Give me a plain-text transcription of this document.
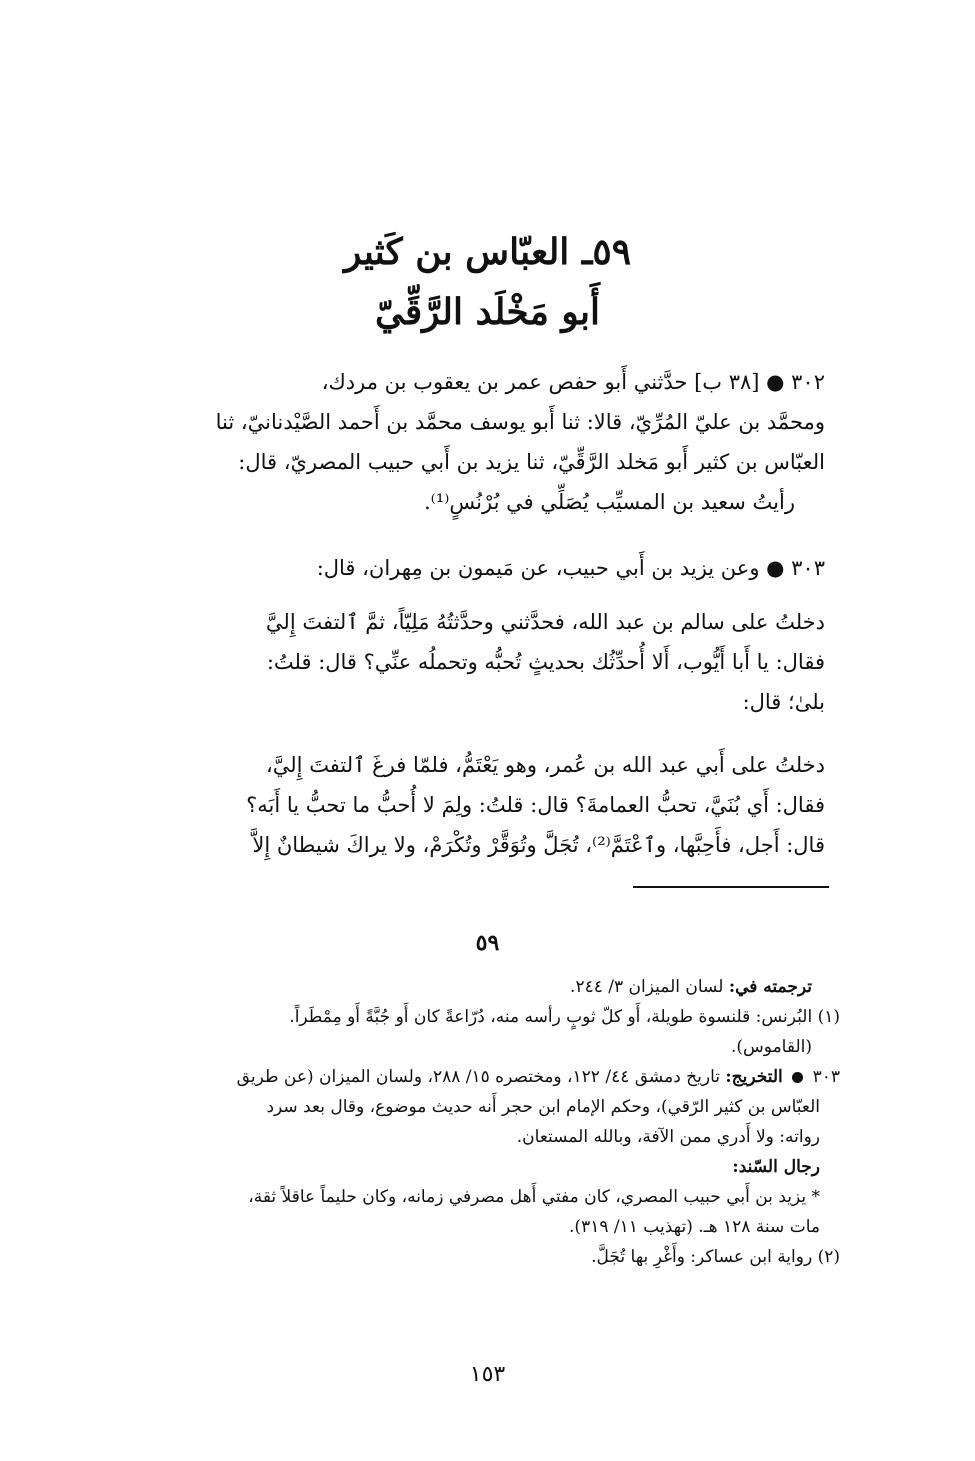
٥٩ـ العبّاس بن كَثير
أَبو مَخْلَد الرَّقِّيّ

٣٠٢ ● [٣٨ ب] حدَّثني أَبو حفص عمر بن يعقوب بن مردك،

ومحمَّد بن عليّ المُرِّيّ، قالا: ثنا أَبو يوسف محمَّد بن أَحمد الصَّيْدنانيّ، ثنا

العبّاس بن كثير أَبو مَخلد الرَّقِّيّ، ثنا يزيد بن أَبي حبيب المصريّ، قال:

رأيتُ سعيد بن المسيِّب يُصَلِّي في بُرْنُسٍ⁽¹⁾.

٣٠٣ ● وعن يزيد بن أَبي حبيب، عن مَيمون بن مِهران، قال:

دخلتُ على سالم بن عبد الله، فحدَّثني وحدَّثتُهُ مَلِيّاً، ثمَّ ٱلتفتَ إِليَّ

فقال: يا أَبا أَيُّوب، أَلا أُحدِّثُك بحديثٍ تُحبُّه وتحملُه عنِّي؟ قال: قلتُ:

بلىٰ؛ قال:

دخلتُ على أَبي عبد الله بن عُمر، وهو يَعْتَمُّ، فلمّا فرغَ ٱلتفتَ إِليَّ،

فقال: أَي بُنَيَّ، تحبُّ العمامةَ؟ قال: قلتُ: ولِمَ لا أُحبُّ ما تحبُّ يا أَبَه؟

قال: أَجل، فأَحِبَّها، وٱعْتَمَّ⁽²⁾، تُجَلَّ وتُوَقَّرْ وتُكْرَمْ، ولا يراكَ شيطانٌ إِلاَّ

٥٩

ترجمته في: لسان الميزان ٣/ ٢٤٤.

(١) البُرنس: قلنسوة طويلة، أَو كلّ ثوبٍ رأسه منه، دُرّاعةً كان أَو جُبَّةً أَو مِمْطَراً.

(القاموس).

٣٠٣  التخريج: تاريخ دمشق ٤٤/ ١٢٢، ومختصره ١٥/ ٢٨٨، ولسان الميزان (عن طريق

العبّاس بن كثير الرّقي)، وحكم الإمام ابن حجر أَنه حديث موضوع، وقال بعد سرد

رواته: ولا أَدري ممن الآفة، وبالله المستعان.

رجال السّند:

* يزيد بن أَبي حبيب المصري، كان مفتي أَهل مصرفي زمانه، وكان حليماً عاقلاً ثقة،

مات سنة ١٢٨ هـ. (تهذيب ١١/ ٣١٩).

(٢) رواية ابن عساكر: وأَغْرِ بها تُجَلَّ.

١٥٣
